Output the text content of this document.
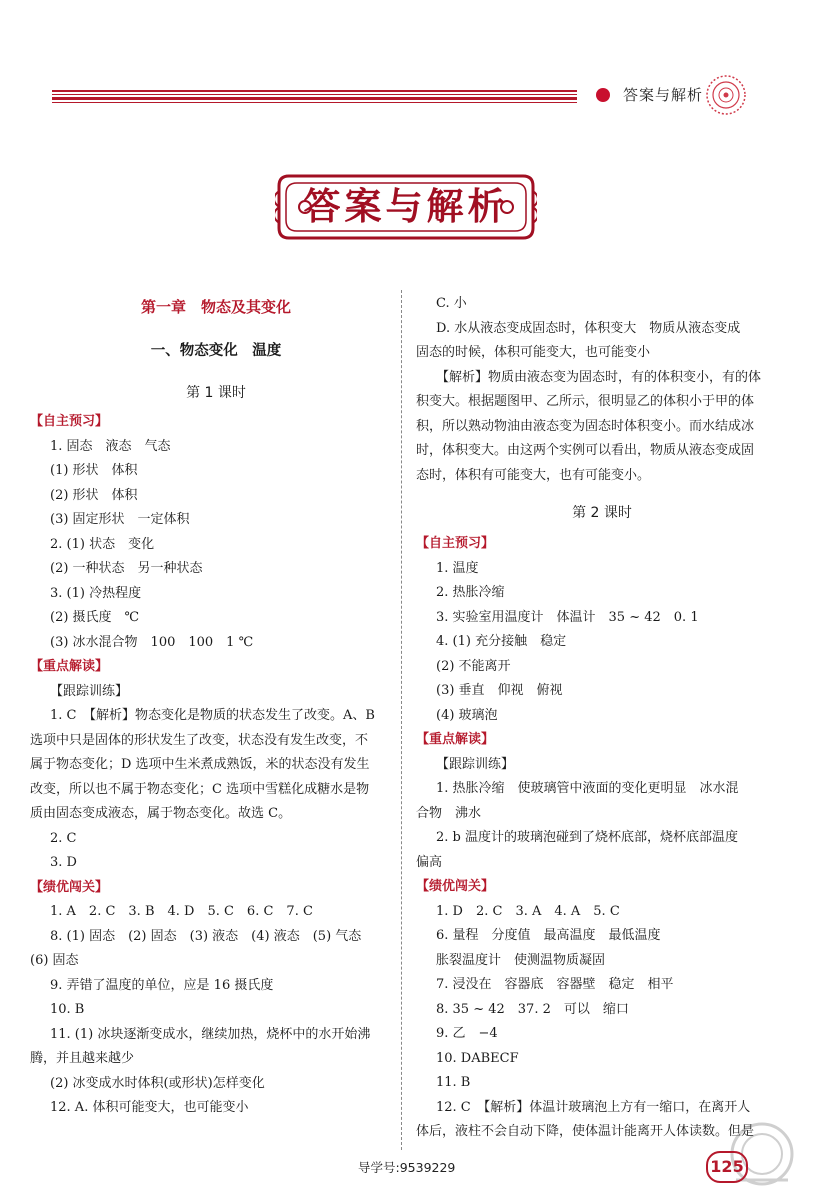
答案与解析
答案与解析
第一章　物态及其变化
一、物态变化　温度
第 1 课时
【自主预习】
1. 固态　液态　气态
(1) 形状　体积
(2) 形状　体积
(3) 固定形状　一定体积
2. (1) 状态　变化
(2) 一种状态　另一种状态
3. (1) 冷热程度
(2) 摄氏度　℃
(3) 冰水混合物　100　100　1 ℃
【重点解读】
【跟踪训练】
1. C　【解析】物态变化是物质的状态发生了改变。A、B
选项中只是固体的形状发生了改变，状态没有发生改变，不
属于物态变化；D 选项中生米煮成熟饭，米的状态没有发生
改变，所以也不属于物态变化；C 选项中雪糕化成糖水是物
质由固态变成液态，属于物态变化。故选 C。
2. C
3. D
【绩优闯关】
1. A　2. C　3. B　4. D　5. C　6. C　7. C
8. (1) 固态　(2) 固态　(3) 液态　(4) 液态　(5) 气态
(6) 固态
9. 弄错了温度的单位，应是 16 摄氏度
10. B
11. (1) 冰块逐渐变成水，继续加热，烧杯中的水开始沸
腾，并且越来越少
(2) 冰变成水时体积(或形状)怎样变化
12. A. 体积可能变大，也可能变小
C. 小
D. 水从液态变成固态时，体积变大　物质从液态变成
固态的时候，体积可能变大，也可能变小
【解析】物质由液态变为固态时，有的体积变小，有的体
积变大。根据题图甲、乙所示，很明显乙的体积小于甲的体
积，所以熟动物油由液态变为固态时体积变小。而水结成冰
时，体积变大。由这两个实例可以看出，物质从液态变成固
态时，体积有可能变大，也有可能变小。
第 2 课时
【自主预习】
1. 温度
2. 热胀冷缩
3. 实验室用温度计　体温计　35 ~ 42　0. 1
4. (1) 充分接触　稳定
(2) 不能离开
(3) 垂直　仰视　俯视
(4) 玻璃泡
【重点解读】
【跟踪训练】
1. 热胀冷缩　使玻璃管中液面的变化更明显　冰水混
合物　沸水
2. b 温度计的玻璃泡碰到了烧杯底部，烧杯底部温度
偏高
【绩优闯关】
1. D　2. C　3. A　4. A　5. C
6. 量程　分度值　最高温度　最低温度
胀裂温度计　使测温物质凝固
7. 浸没在　容器底　容器壁　稳定　相平
8. 35 ~ 42　37. 2　可以　缩口
9. 乙　−4
10. DABECF
11. B
12. C　【解析】体温计玻璃泡上方有一缩口，在离开人
体后，液柱不会自动下降，使体温计能离开人体读数。但是
导学号:9539229	125
